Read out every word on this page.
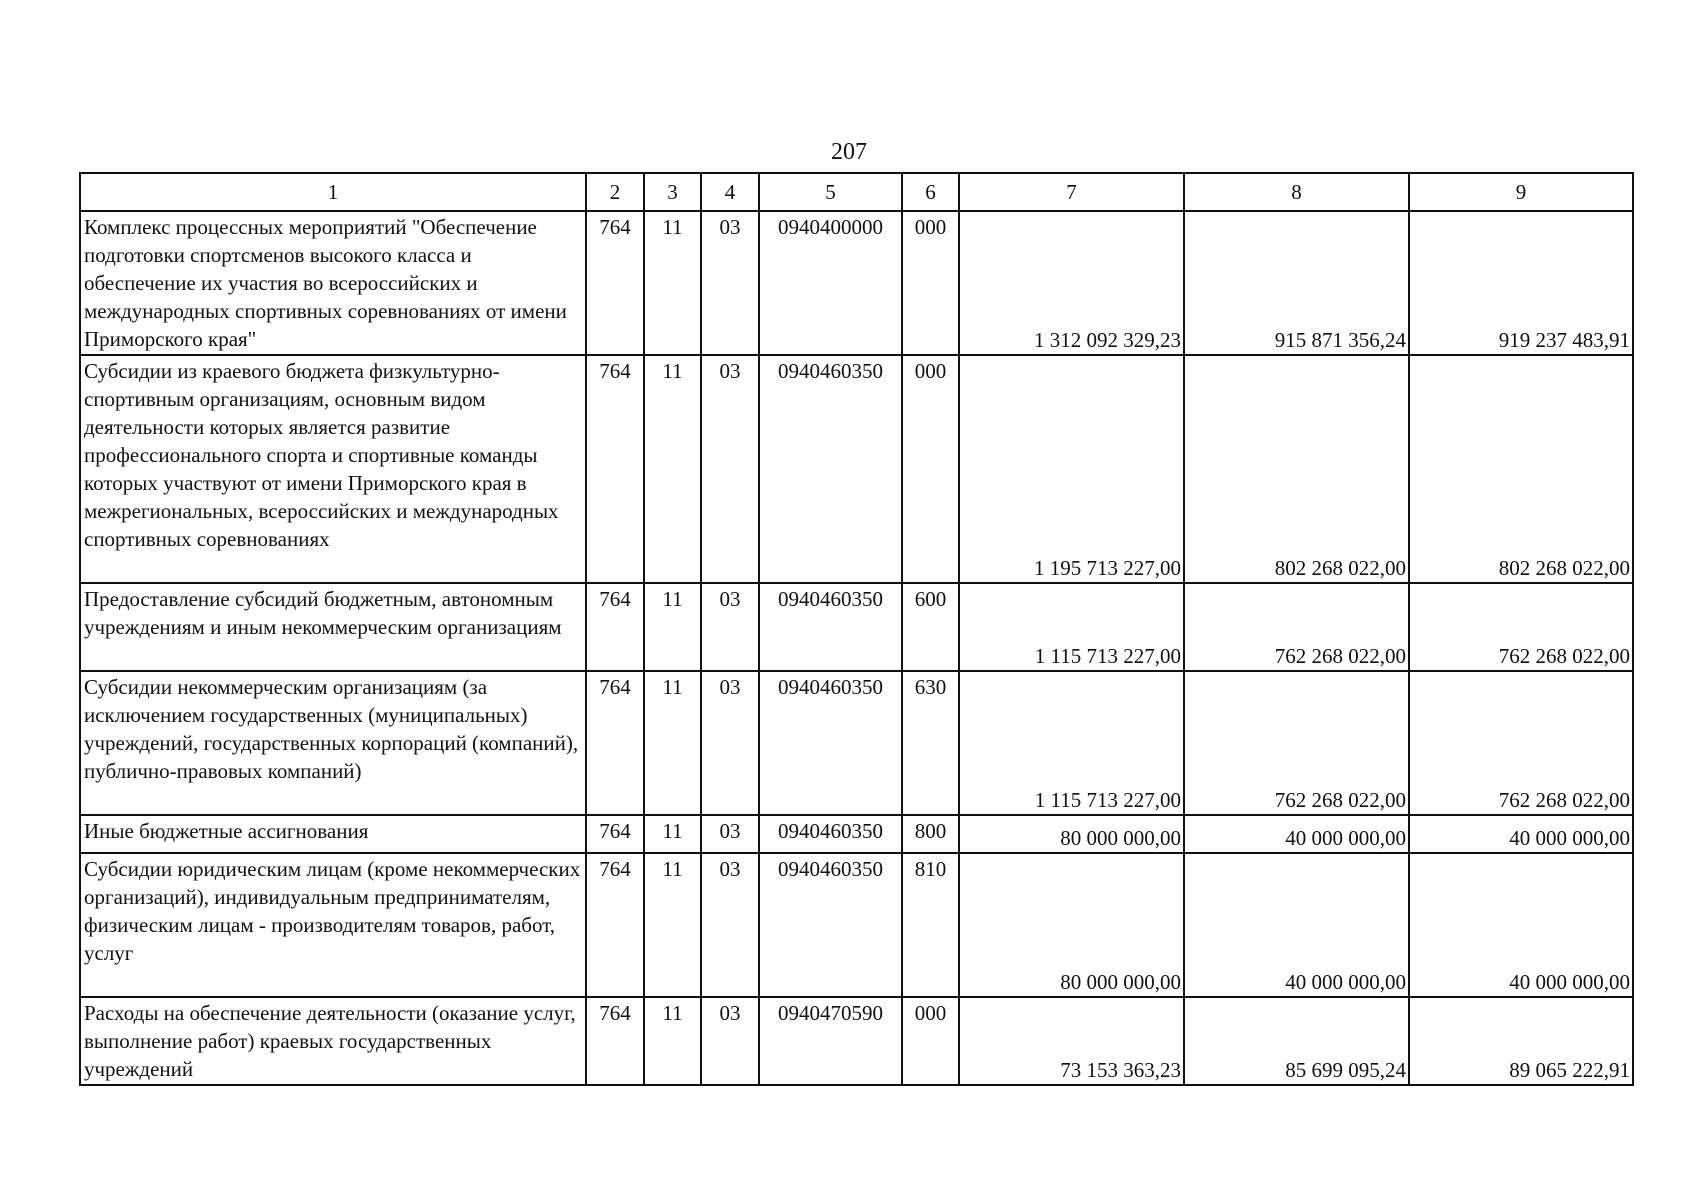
207
1	2	3	4	5	6	7	8	9
Комплекс процессных мероприятий "Обеспечение подготовки спортсменов высокого класса и обеспечение их участия во всероссийских и международных спортивных соревнованиях от имени Приморского края"	764	11	03	0940400000	000	1 312 092 329,23	915 871 356,24	919 237 483,91
Субсидии из краевого бюджета физкультурно-спортивным организациям, основным видом деятельности которых является развитие профессионального спорта и спортивные команды которых участвуют от имени Приморского края в межрегиональных, всероссийских и международных спортивных соревнованиях	764	11	03	0940460350	000	1 195 713 227,00	802 268 022,00	802 268 022,00
Предоставление субсидий бюджетным, автономным учреждениям и иным некоммерческим организациям	764	11	03	0940460350	600	1 115 713 227,00	762 268 022,00	762 268 022,00
Субсидии некоммерческим организациям (за исключением государственных (муниципальных) учреждений, государственных корпораций (компаний), публично-правовых компаний)	764	11	03	0940460350	630	1 115 713 227,00	762 268 022,00	762 268 022,00
Иные бюджетные ассигнования	764	11	03	0940460350	800	80 000 000,00	40 000 000,00	40 000 000,00
Субсидии юридическим лицам (кроме некоммерческих организаций), индивидуальным предпринимателям, физическим лицам - производителям товаров, работ, услуг	764	11	03	0940460350	810	80 000 000,00	40 000 000,00	40 000 000,00
Расходы на обеспечение деятельности (оказание услуг, выполнение работ) краевых государственных учреждений	764	11	03	0940470590	000	73 153 363,23	85 699 095,24	89 065 222,91
